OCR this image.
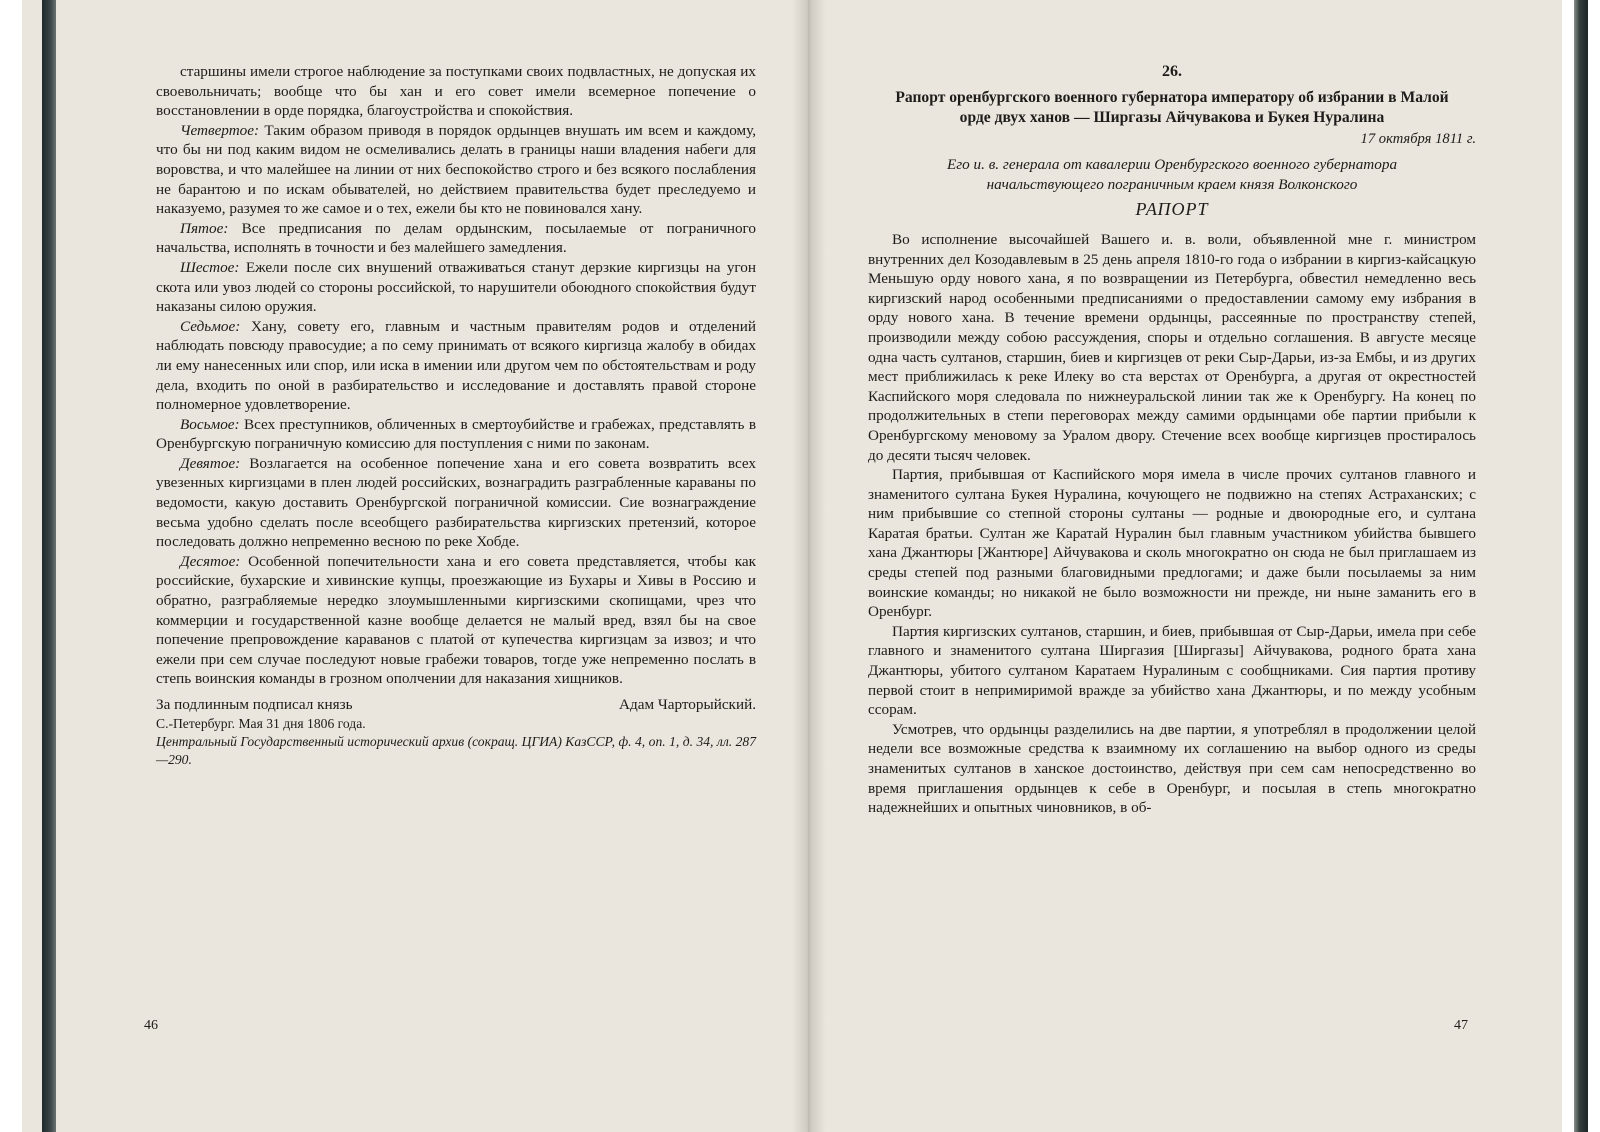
старшины имели строгое наблюдение за поступками своих подвластных, не допуская их своевольничать; вообще что бы хан и его совет имели всемерное попечение о восстановлении в орде порядка, благоустройства и спокойствия.

Четвертое: Таким образом приводя в порядок ордынцев внушать им всем и каждому, что бы ни под каким видом не осмеливались делать в границы наши владения набеги для воровства, и что малейшее на линии от них беспокойство строго и без всякого послабления не барантою и по искам обывателей, но действием правительства будет преследуемо и наказуемо, разумея то же самое и о тех, ежели бы кто не повиновался хану.

Пятое: Все предписания по делам ордынским, посылаемые от пограничного начальства, исполнять в точности и без малейшего замедления.

Шестое: Ежели после сих внушений отваживаться станут дерзкие киргизцы на угон скота или увоз людей со стороны российской, то нарушители обоюдного спокойствия будут наказаны силою оружия.

Седьмое: Хану, совету его, главным и частным правителям родов и отделений наблюдать повсюду правосудие; а по сему принимать от всякого киргизца жалобу в обидах ли ему нанесенных или спор, или иска в имении или другом чем по обстоятельствам и роду дела, входить по оной в разбирательство и исследование и доставлять правой стороне полномерное удовлетворение.

Восьмое: Всех преступников, обличенных в смертоубийстве и грабежах, представлять в Оренбургскую пограничную комиссию для поступления с ними по законам.

Девятое: Возлагается на особенное попечение хана и его совета возвратить всех увезенных киргизцами в плен людей российских, вознаградить разграбленные караваны по ведомости, какую доставить Оренбургской пограничной комиссии. Сие вознаграждение весьма удобно сделать после всеобщего разбирательства киргизских претензий, которое последовать должно непременно весною по реке Хобде.

Десятое: Особенной попечительности хана и его совета представляется, чтобы как российские, бухарские и хивинские купцы, проезжающие из Бухары и Хивы в Россию и обратно, разграбляемые нередко злоумышленными киргизскими скопищами, чрез что коммерции и государственной казне вообще делается не малый вред, взял бы на свое попечение препровождение караванов с платой от купечества киргизцам за извоз; и что ежели при сем случае последуют новые грабежи товаров, тогде уже непременно послать в степь воинския команды в грозном ополчении для наказания хищников.

За подлинным подписал князь	Адам Чарторыйский.

С.-Петербург. Мая 31 дня 1806 года.

Центральный Государственный исторический архив (сокращ. ЦГИА) КазССР, ф. 4, оп. 1, д. 34, лл. 287—290.

46

26.

Рапорт оренбургского военного губернатора императору об избрании в Малой орде двух ханов — Ширгазы Айчувакова и Букея Нуралина

17 октября 1811 г.

Его и. в. генерала от кавалерии Оренбургского военного губернатора начальствующего пограничным краем князя Волконского

РАПОРТ

Во исполнение высочайшей Вашего и. в. воли, объявленной мне г. министром внутренних дел Козодавлевым в 25 день апреля 1810-го года о избрании в киргиз-кайсацкую Меньшую орду нового хана, я по возвращении из Петербурга, обвестил немедленно весь киргизский народ особенными предписаниями о предоставлении самому ему избрания в орду нового хана. В течение времени ордынцы, рассеянные по пространству степей, производили между собою рассуждения, споры и отдельно соглашения. В августе месяце одна часть султанов, старшин, биев и киргизцев от реки Сыр-Дарьи, из-за Ембы, и из других мест приближилась к реке Илеку во ста верстах от Оренбурга, а другая от окрестностей Каспийского моря следовала по нижнеуральской линии так же к Оренбургу. На конец по продолжительных в степи переговорах между самими ордынцами обе партии прибыли к Оренбургскому меновому за Уралом двору. Стечение всех вообще киргизцев простиралось до десяти тысяч человек.

Партия, прибывшая от Каспийского моря имела в числе прочих султанов главного и знаменитого султана Букея Нуралина, кочующего не подвижно на степях Астраханских; с ним прибывшие со степной стороны султаны — родные и двоюродные его, и султана Каратая братьи. Султан же Каратай Нуралин был главным участником убийства бывшего хана Джантюры [Жантюре] Айчувакова и сколь многократно он сюда не был приглашаем из среды степей под разными благовидными предлогами; и даже были посылаемы за ним воинские команды; но никакой не было возможности ни прежде, ни ныне заманить его в Оренбург.

Партия киргизских султанов, старшин, и биев, прибывшая от Сыр-Дарьи, имела при себе главного и знаменитого султана Ширгазия [Ширгазы] Айчувакова, родного брата хана Джантюры, убитого султаном Каратаем Нуралиным с сообщниками. Сия партия противу первой стоит в непримиримой вражде за убийство хана Джантюры, и по между усобным ссорам.

Усмотрев, что ордынцы разделились на две партии, я употреблял в продолжении целой недели все возможные средства к взаимному их соглашению на выбор одного из среды знаменитых султанов в ханское достоинство, действуя при сем сам непосредственно во время приглашения ордынцев к себе в Оренбург, и посылая в степь многократно надежнейших и опытных чиновников, в об-

47
